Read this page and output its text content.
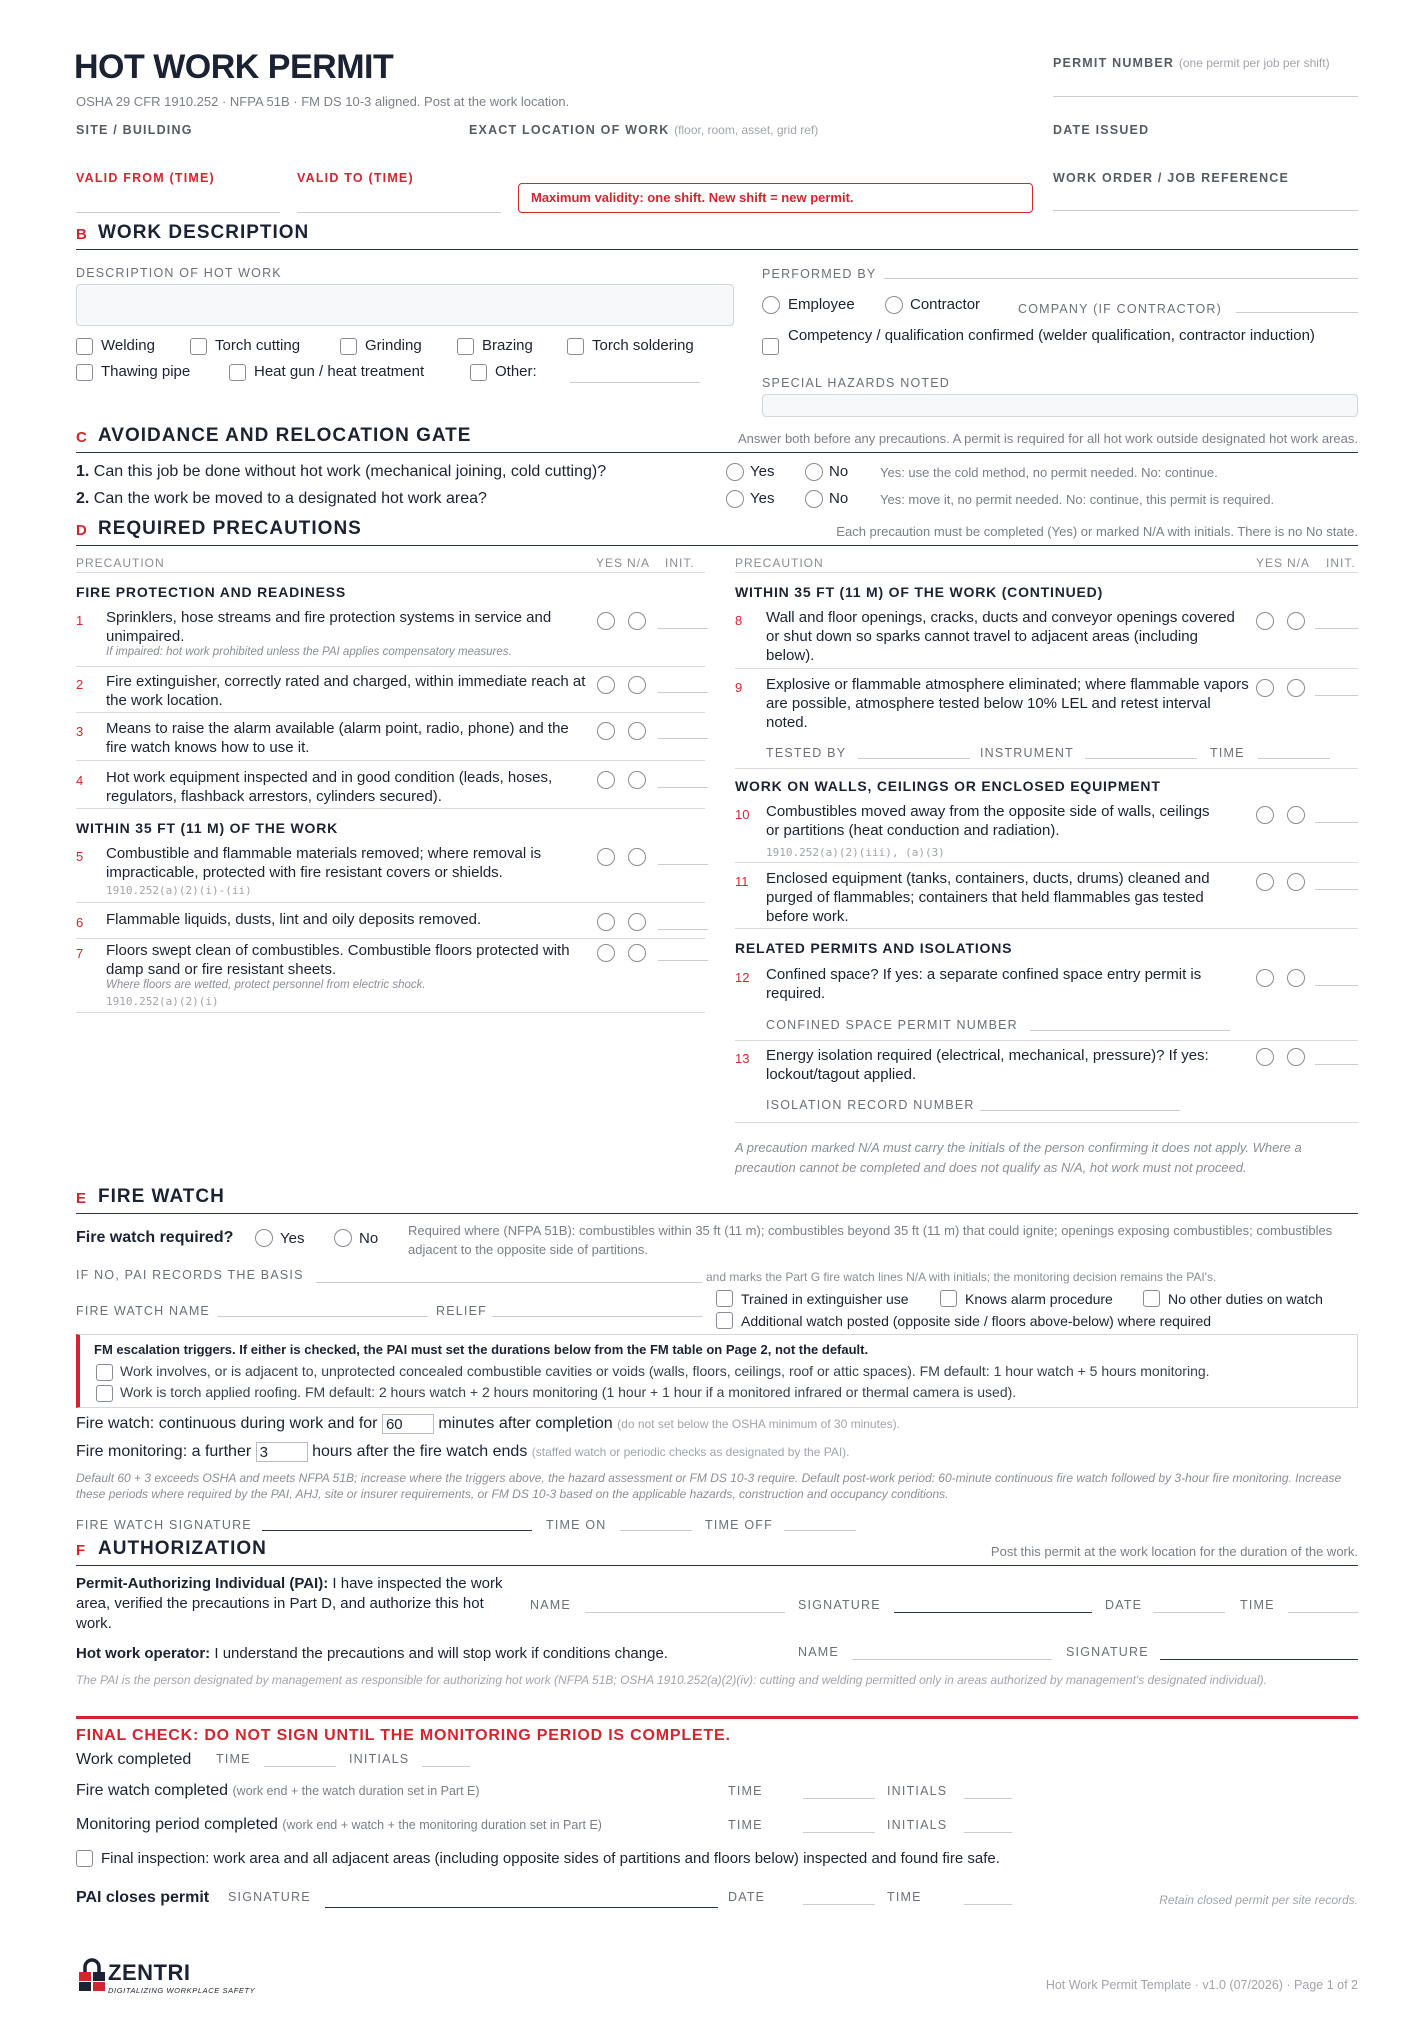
HOT WORK PERMIT
OSHA 29 CFR 1910.252 · NFPA 51B · FM DS 10-3 aligned. Post at the work location.
PERMIT NUMBER (one permit per job per shift)
SITE / BUILDING	EXACT LOCATION OF WORK (floor, room, asset, grid ref)	DATE ISSUED
VALID FROM (TIME)	VALID TO (TIME)
Maximum validity: one shift. New shift = new permit.
WORK ORDER / JOB REFERENCE
B WORK DESCRIPTION
DESCRIPTION OF HOT WORK
Welding	Torch cutting	Grinding	Brazing	Torch soldering
Thawing pipe	Heat gun / heat treatment	Other:
PERFORMED BY
Employee	Contractor	COMPANY (IF CONTRACTOR)
Competency / qualification confirmed (welder qualification, contractor induction)
SPECIAL HAZARDS NOTED
C AVOIDANCE AND RELOCATION GATE	Answer both before any precautions. A permit is required for all hot work outside designated hot work areas.
1. Can this job be done without hot work (mechanical joining, cold cutting)?	Yes	No Yes: use the cold method, no permit needed. No: continue.
2. Can the work be moved to a designated hot work area?	Yes	No Yes: move it, no permit needed. No: continue, this permit is required.
D REQUIRED PRECAUTIONS	Each precaution must be completed (Yes) or marked N/A with initials. There is no No state.
PRECAUTION	YES N/A INIT.	PRECAUTION	YES N/A INIT.
FIRE PROTECTION AND READINESS
1 Sprinklers, hose streams and fire protection systems in service and unimpaired.
If impaired: hot work prohibited unless the PAI applies compensatory measures.
2 Fire extinguisher, correctly rated and charged, within immediate reach at the work location.
3 Means to raise the alarm available (alarm point, radio, phone) and the fire watch knows how to use it.
4 Hot work equipment inspected and in good condition (leads, hoses, regulators, flashback arrestors, cylinders secured).
WITHIN 35 FT (11 M) OF THE WORK
5 Combustible and flammable materials removed; where removal is impracticable, protected with fire resistant covers or shields.
1910.252(a)(2)(i)-(ii)
6 Flammable liquids, dusts, lint and oily deposits removed.
7 Floors swept clean of combustibles. Combustible floors protected with damp sand or fire resistant sheets.
Where floors are wetted, protect personnel from electric shock.
1910.252(a)(2)(i)
WITHIN 35 FT (11 M) OF THE WORK (CONTINUED)
8 Wall and floor openings, cracks, ducts and conveyor openings covered or shut down so sparks cannot travel to adjacent areas (including below).
9 Explosive or flammable atmosphere eliminated; where flammable vapors are possible, atmosphere tested below 10% LEL and retest interval noted.
TESTED BY	INSTRUMENT	TIME
WORK ON WALLS, CEILINGS OR ENCLOSED EQUIPMENT
10 Combustibles moved away from the opposite side of walls, ceilings or partitions (heat conduction and radiation).
1910.252(a)(2)(iii), (a)(3)
11 Enclosed equipment (tanks, containers, ducts, drums) cleaned and purged of flammables; containers that held flammables gas tested before work.
RELATED PERMITS AND ISOLATIONS
12 Confined space? If yes: a separate confined space entry permit is required.
CONFINED SPACE PERMIT NUMBER
13 Energy isolation required (electrical, mechanical, pressure)? If yes: lockout/tagout applied.
ISOLATION RECORD NUMBER
A precaution marked N/A must carry the initials of the person confirming it does not apply. Where a precaution cannot be completed and does not qualify as N/A, hot work must not proceed.
E FIRE WATCH
Fire watch required?	Yes	No Required where (NFPA 51B): combustibles within 35 ft (11 m); combustibles beyond 35 ft (11 m) that could ignite; openings exposing combustibles; combustibles adjacent to the opposite side of partitions.
IF NO, PAI RECORDS THE BASIS	and marks the Part G fire watch lines N/A with initials; the monitoring decision remains the PAI's.
FIRE WATCH NAME	RELIEF
Trained in extinguisher use	Knows alarm procedure	No other duties on watch
Additional watch posted (opposite side / floors above-below) where required
FM escalation triggers. If either is checked, the PAI must set the durations below from the FM table on Page 2, not the default.
Work involves, or is adjacent to, unprotected concealed combustible cavities or voids (walls, floors, ceilings, roof or attic spaces). FM default: 1 hour watch + 5 hours monitoring.
Work is torch applied roofing. FM default: 2 hours watch + 2 hours monitoring (1 hour + 1 hour if a monitored infrared or thermal camera is used).
Fire watch: continuous during work and for 60 minutes after completion (do not set below the OSHA minimum of 30 minutes).
Fire monitoring: a further 3	hours after the fire watch ends (staffed watch or periodic checks as designated by the PAI).
Default 60 + 3 exceeds OSHA and meets NFPA 51B; increase where the triggers above, the hazard assessment or FM DS 10-3 require. Default post-work period: 60-minute continuous fire watch followed by 3-hour fire monitoring. Increase these periods where required by the PAI, AHJ, site or insurer requirements, or FM DS 10-3 based on the applicable hazards, construction and occupancy conditions.
FIRE WATCH SIGNATURE	TIME ON	TIME OFF
F AUTHORIZATION	Post this permit at the work location for the duration of the work.
Permit-Authorizing Individual (PAI): I have inspected the work area, verified the precautions in Part D, and authorize this hot work.
NAME	SIGNATURE	DATE	TIME
Hot work operator: I understand the precautions and will stop work if conditions change.	NAME	SIGNATURE
The PAI is the person designated by management as responsible for authorizing hot work (NFPA 51B; OSHA 1910.252(a)(2)(iv): cutting and welding permitted only in areas authorized by management's designated individual).
FINAL CHECK: DO NOT SIGN UNTIL THE MONITORING PERIOD IS COMPLETE.
Work completed TIME	INITIALS
Fire watch completed (work end + the watch duration set in Part E)	TIME	INITIALS
Monitoring period completed (work end + watch + the monitoring duration set in Part E)	TIME	INITIALS
Final inspection: work area and all adjacent areas (including opposite sides of partitions and floors below) inspected and found fire safe.
PAI closes permit SIGNATURE	DATE	TIME	Retain closed permit per site records.
ZENTRI
DIGITALIZING WORKPLACE SAFETY	Hot Work Permit Template · v1.0 (07/2026) · Page 1 of 2
